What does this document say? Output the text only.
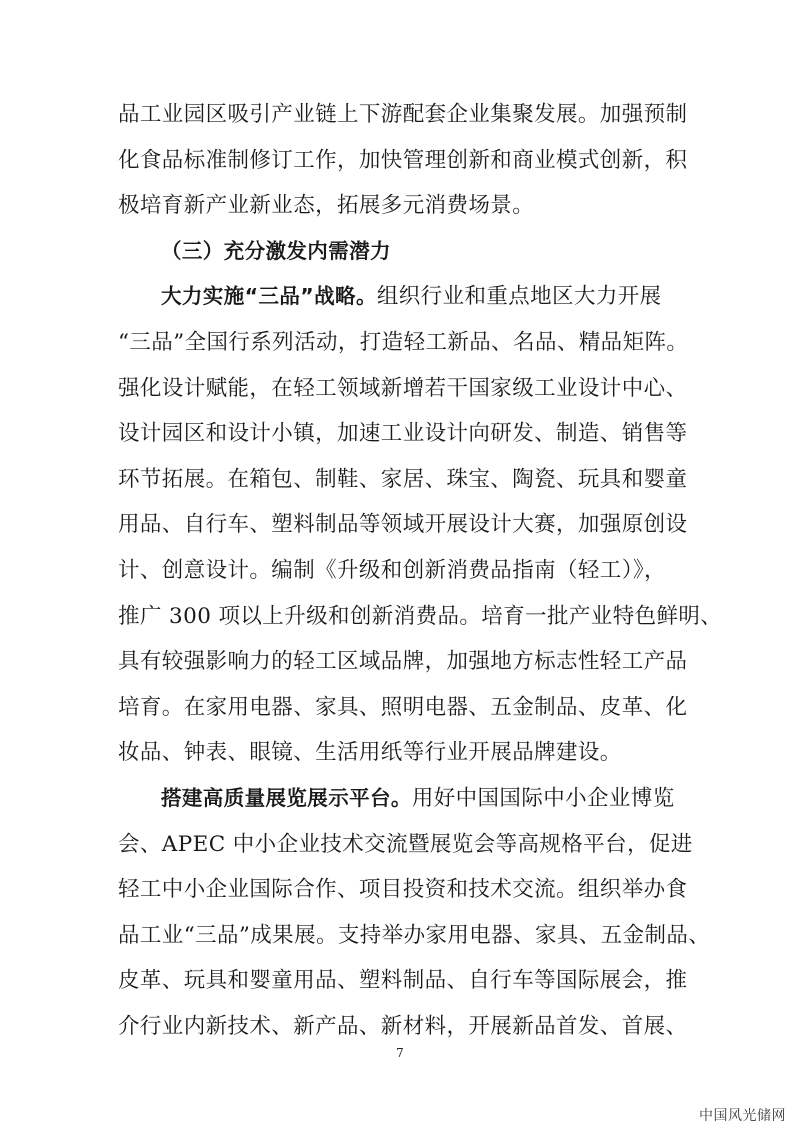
品工业园区吸引产业链上下游配套企业集聚发展。加强预制
化食品标准制修订工作，加快管理创新和商业模式创新，积
极培育新产业新业态，拓展多元消费场景。
（三）充分激发内需潜力
大力实施“三品”战略。组织行业和重点地区大力开展
“三品”全国行系列活动，打造轻工新品、名品、精品矩阵。
强化设计赋能，在轻工领域新增若干国家级工业设计中心、
设计园区和设计小镇，加速工业设计向研发、制造、销售等
环节拓展。在箱包、制鞋、家居、珠宝、陶瓷、玩具和婴童
用品、自行车、塑料制品等领域开展设计大赛，加强原创设
计、创意设计。编制《升级和创新消费品指南（轻工）》，
推广 300 项以上升级和创新消费品。培育一批产业特色鲜明、
具有较强影响力的轻工区域品牌，加强地方标志性轻工产品
培育。在家用电器、家具、照明电器、五金制品、皮革、化
妆品、钟表、眼镜、生活用纸等行业开展品牌建设。
搭建高质量展览展示平台。用好中国国际中小企业博览
会、APEC 中小企业技术交流暨展览会等高规格平台，促进
轻工中小企业国际合作、项目投资和技术交流。组织举办食
品工业“三品”成果展。支持举办家用电器、家具、五金制品、
皮革、玩具和婴童用品、塑料制品、自行车等国际展会，推
介行业内新技术、新产品、新材料，开展新品首发、首展、
7
中国风光储网
